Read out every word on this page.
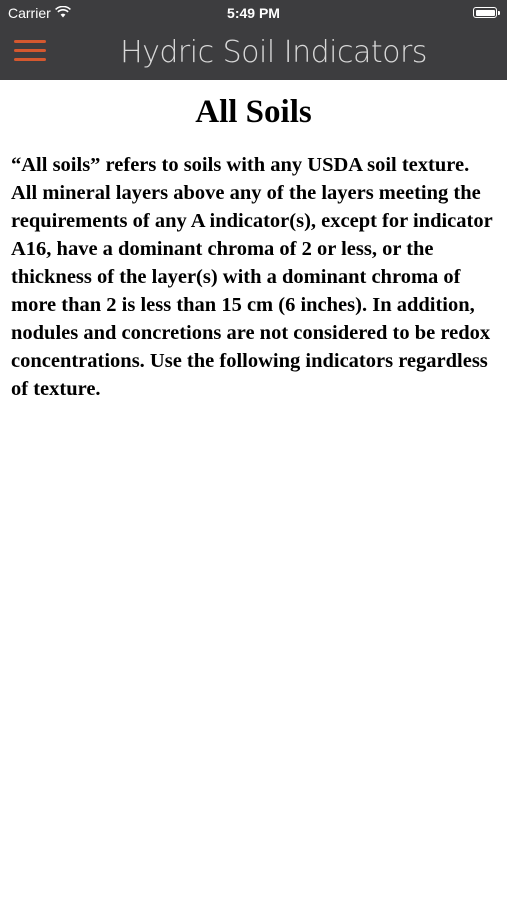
Carrier	5:49 PM
Hydric Soil Indicators
All Soils

“All soils” refers to soils with any USDA soil texture. All mineral layers above any of the layers meeting the requirements of any A indicator(s), except for indicator A16, have a dominant chroma of 2 or less, or the thickness of the layer(s) with a dominant chroma of more than 2 is less than 15 cm (6 inches). In addition, nodules and concretions are not considered to be redox concentrations. Use the following indicators regardless of texture.
